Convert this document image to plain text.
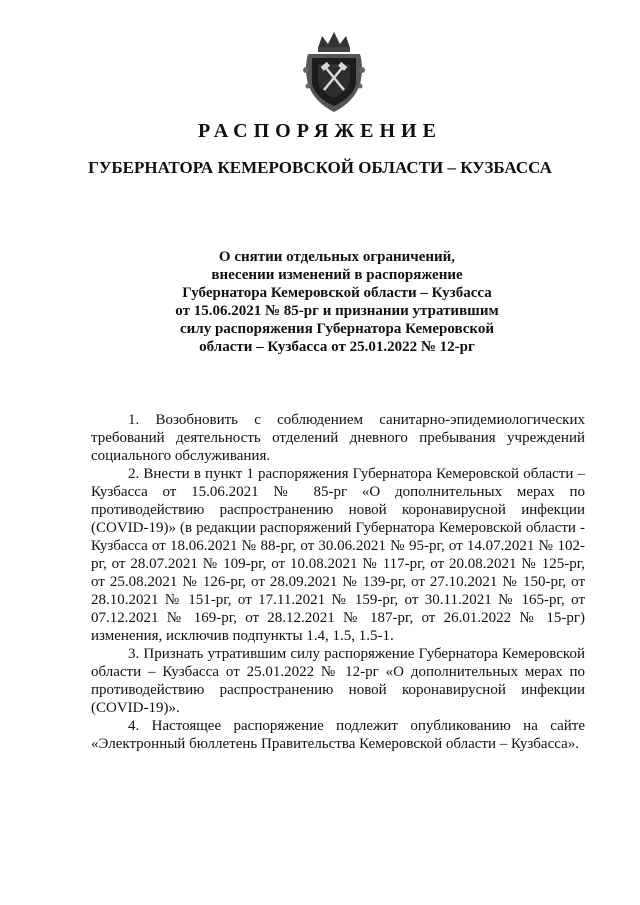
РАСПОРЯЖЕНИЕ
ГУБЕРНАТОРА КЕМЕРОВСКОЙ ОБЛАСТИ – КУЗБАССА
О снятии отдельных ограничений,
внесении изменений в распоряжение
Губернатора Кемеровской области – Кузбасса
от 15.06.2021 № 85-рг и признании утратившим
силу распоряжения Губернатора Кемеровской
области – Кузбасса от 25.01.2022 № 12-рг

1. Возобновить с соблюдением санитарно-эпидемиологических требований деятельность отделений дневного пребывания учреждений социального обслуживания.

2. Внести в пункт 1 распоряжения Губернатора Кемеровской области – Кузбасса от 15.06.2021 № 85-рг «О дополнительных мерах по противодействию распространению новой коронавирусной инфекции (COVID-19)» (в редакции распоряжений Губернатора Кемеровской области - Кузбасса от 18.06.2021 № 88-рг, от 30.06.2021 № 95-рг, от 14.07.2021 № 102-рг, от 28.07.2021 № 109-рг, от 10.08.2021 № 117-рг, от 20.08.2021 № 125-рг, от 25.08.2021 № 126-рг, от 28.09.2021 № 139-рг, от 27.10.2021 № 150-рг, от 28.10.2021 № 151-рг, от 17.11.2021 № 159-рг, от 30.11.2021 № 165-рг, от 07.12.2021 № 169-рг, от 28.12.2021 № 187-рг, от 26.01.2022 № 15-рг) изменения, исключив подпункты 1.4, 1.5, 1.5-1.

3. Признать утратившим силу распоряжение Губернатора Кемеровской области – Кузбасса от 25.01.2022 № 12-рг «О дополнительных мерах по противодействию распространению новой коронавирусной инфекции (COVID-19)».

4. Настоящее распоряжение подлежит опубликованию на сайте «Электронный бюллетень Правительства Кемеровской области – Кузбасса».
